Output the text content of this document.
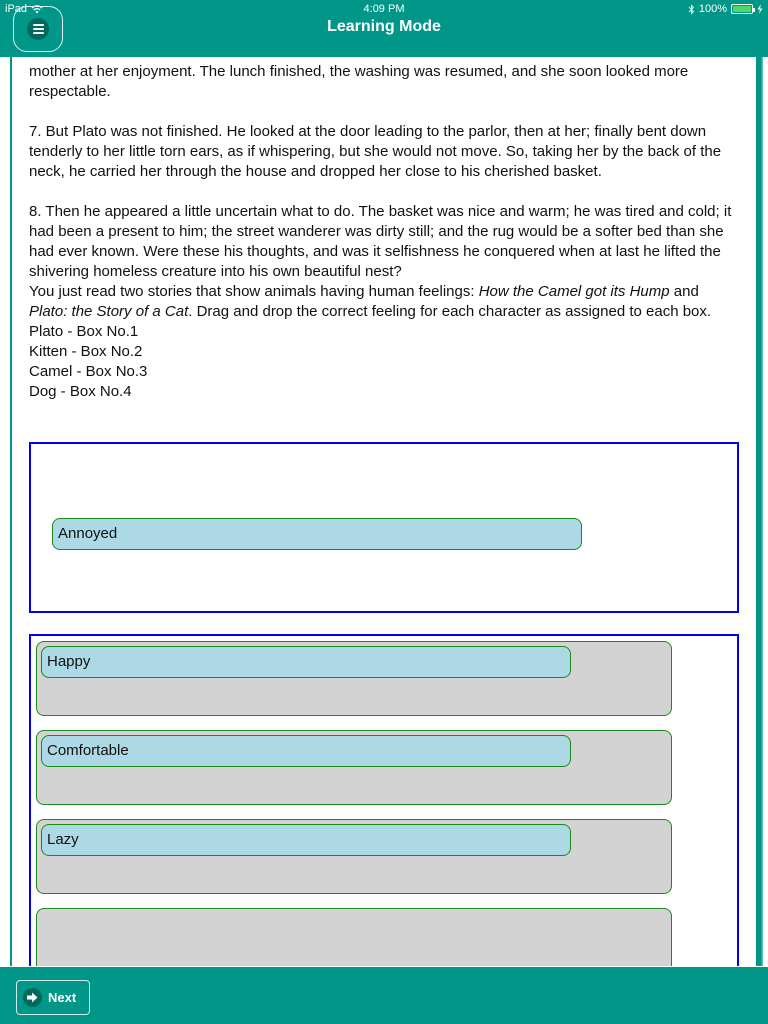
iPad	4:09 PM	100%
Learning Mode

mother at her enjoyment. The lunch finished, the washing was resumed, and she soon looked more
respectable.

7. But Plato was not finished. He looked at the door leading to the parlor, then at her; finally bent down tenderly to her little torn ears, as if whispering, but she would not move. So, taking her by the back of the neck, he carried her through the house and dropped her close to his cherished basket.

8. Then he appeared a little uncertain what to do. The basket was nice and warm; he was tired and cold; it had been a present to him; the street wanderer was dirty still; and the rug would be a softer bed than she had ever known. Were these his thoughts, and was it selfishness he conquered when at last he lifted the shivering homeless creature into his own beautiful nest?

You just read two stories that show animals having human feelings: How the Camel got its Hump and Plato: the Story of a Cat. Drag and drop the correct feeling for each character as assigned to each box.

Plato - Box No.1

Kitten - Box No.2

Camel - Box No.3

Dog - Box No.4

Annoyed
Happy
Comfortable
Lazy
Next
